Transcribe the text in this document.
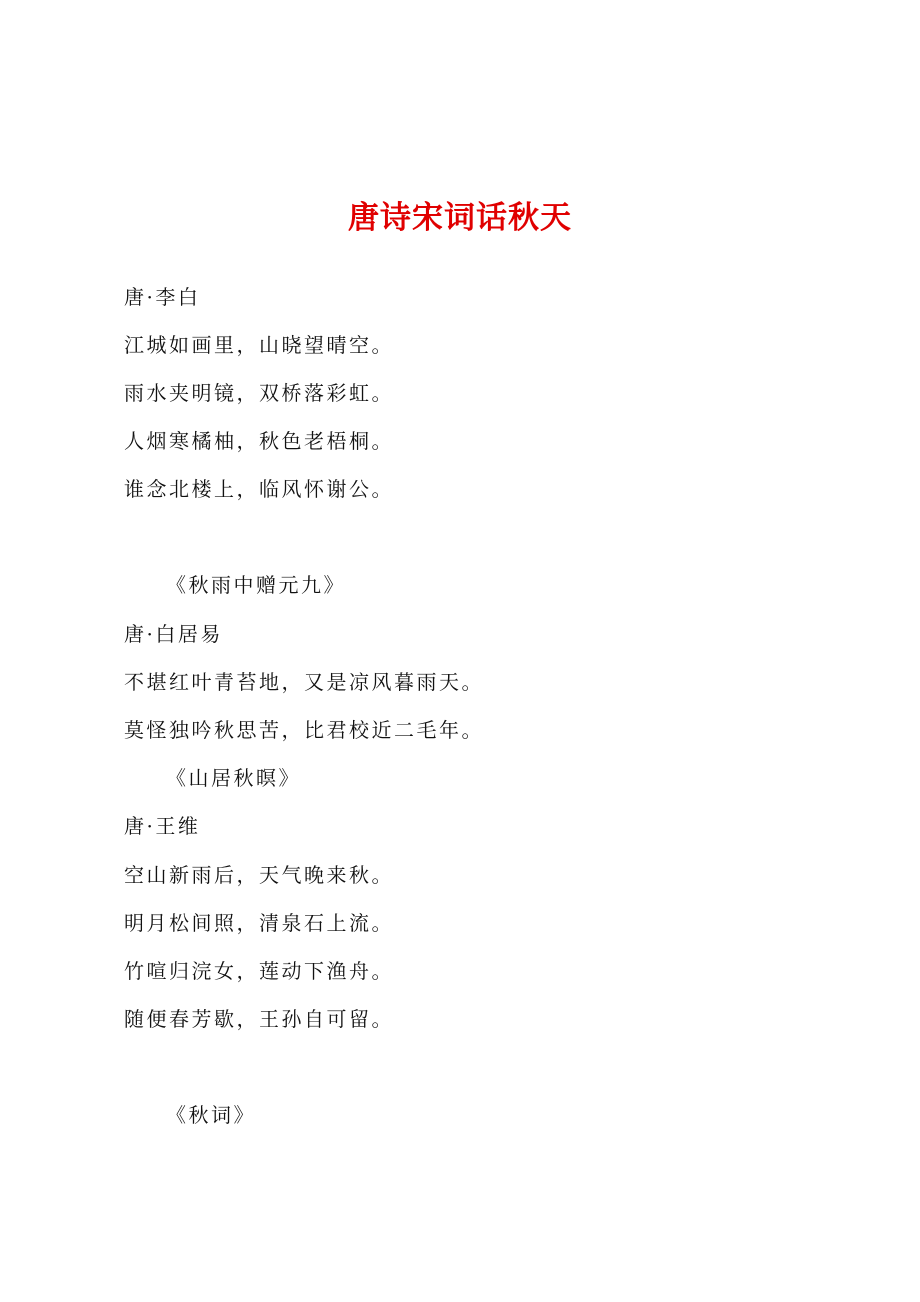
唐诗宋词话秋天
唐·李白
江城如画里，山晓望晴空。
雨水夹明镜，双桥落彩虹。
人烟寒橘柚，秋色老梧桐。
谁念北楼上，临风怀谢公。
《秋雨中赠元九》
唐·白居易
不堪红叶青苔地，又是凉风暮雨天。
莫怪独吟秋思苦，比君校近二毛年。
《山居秋暝》
唐·王维
空山新雨后，天气晚来秋。
明月松间照，清泉石上流。
竹喧归浣女，莲动下渔舟。
随便春芳歇，王孙自可留。
《秋词》
